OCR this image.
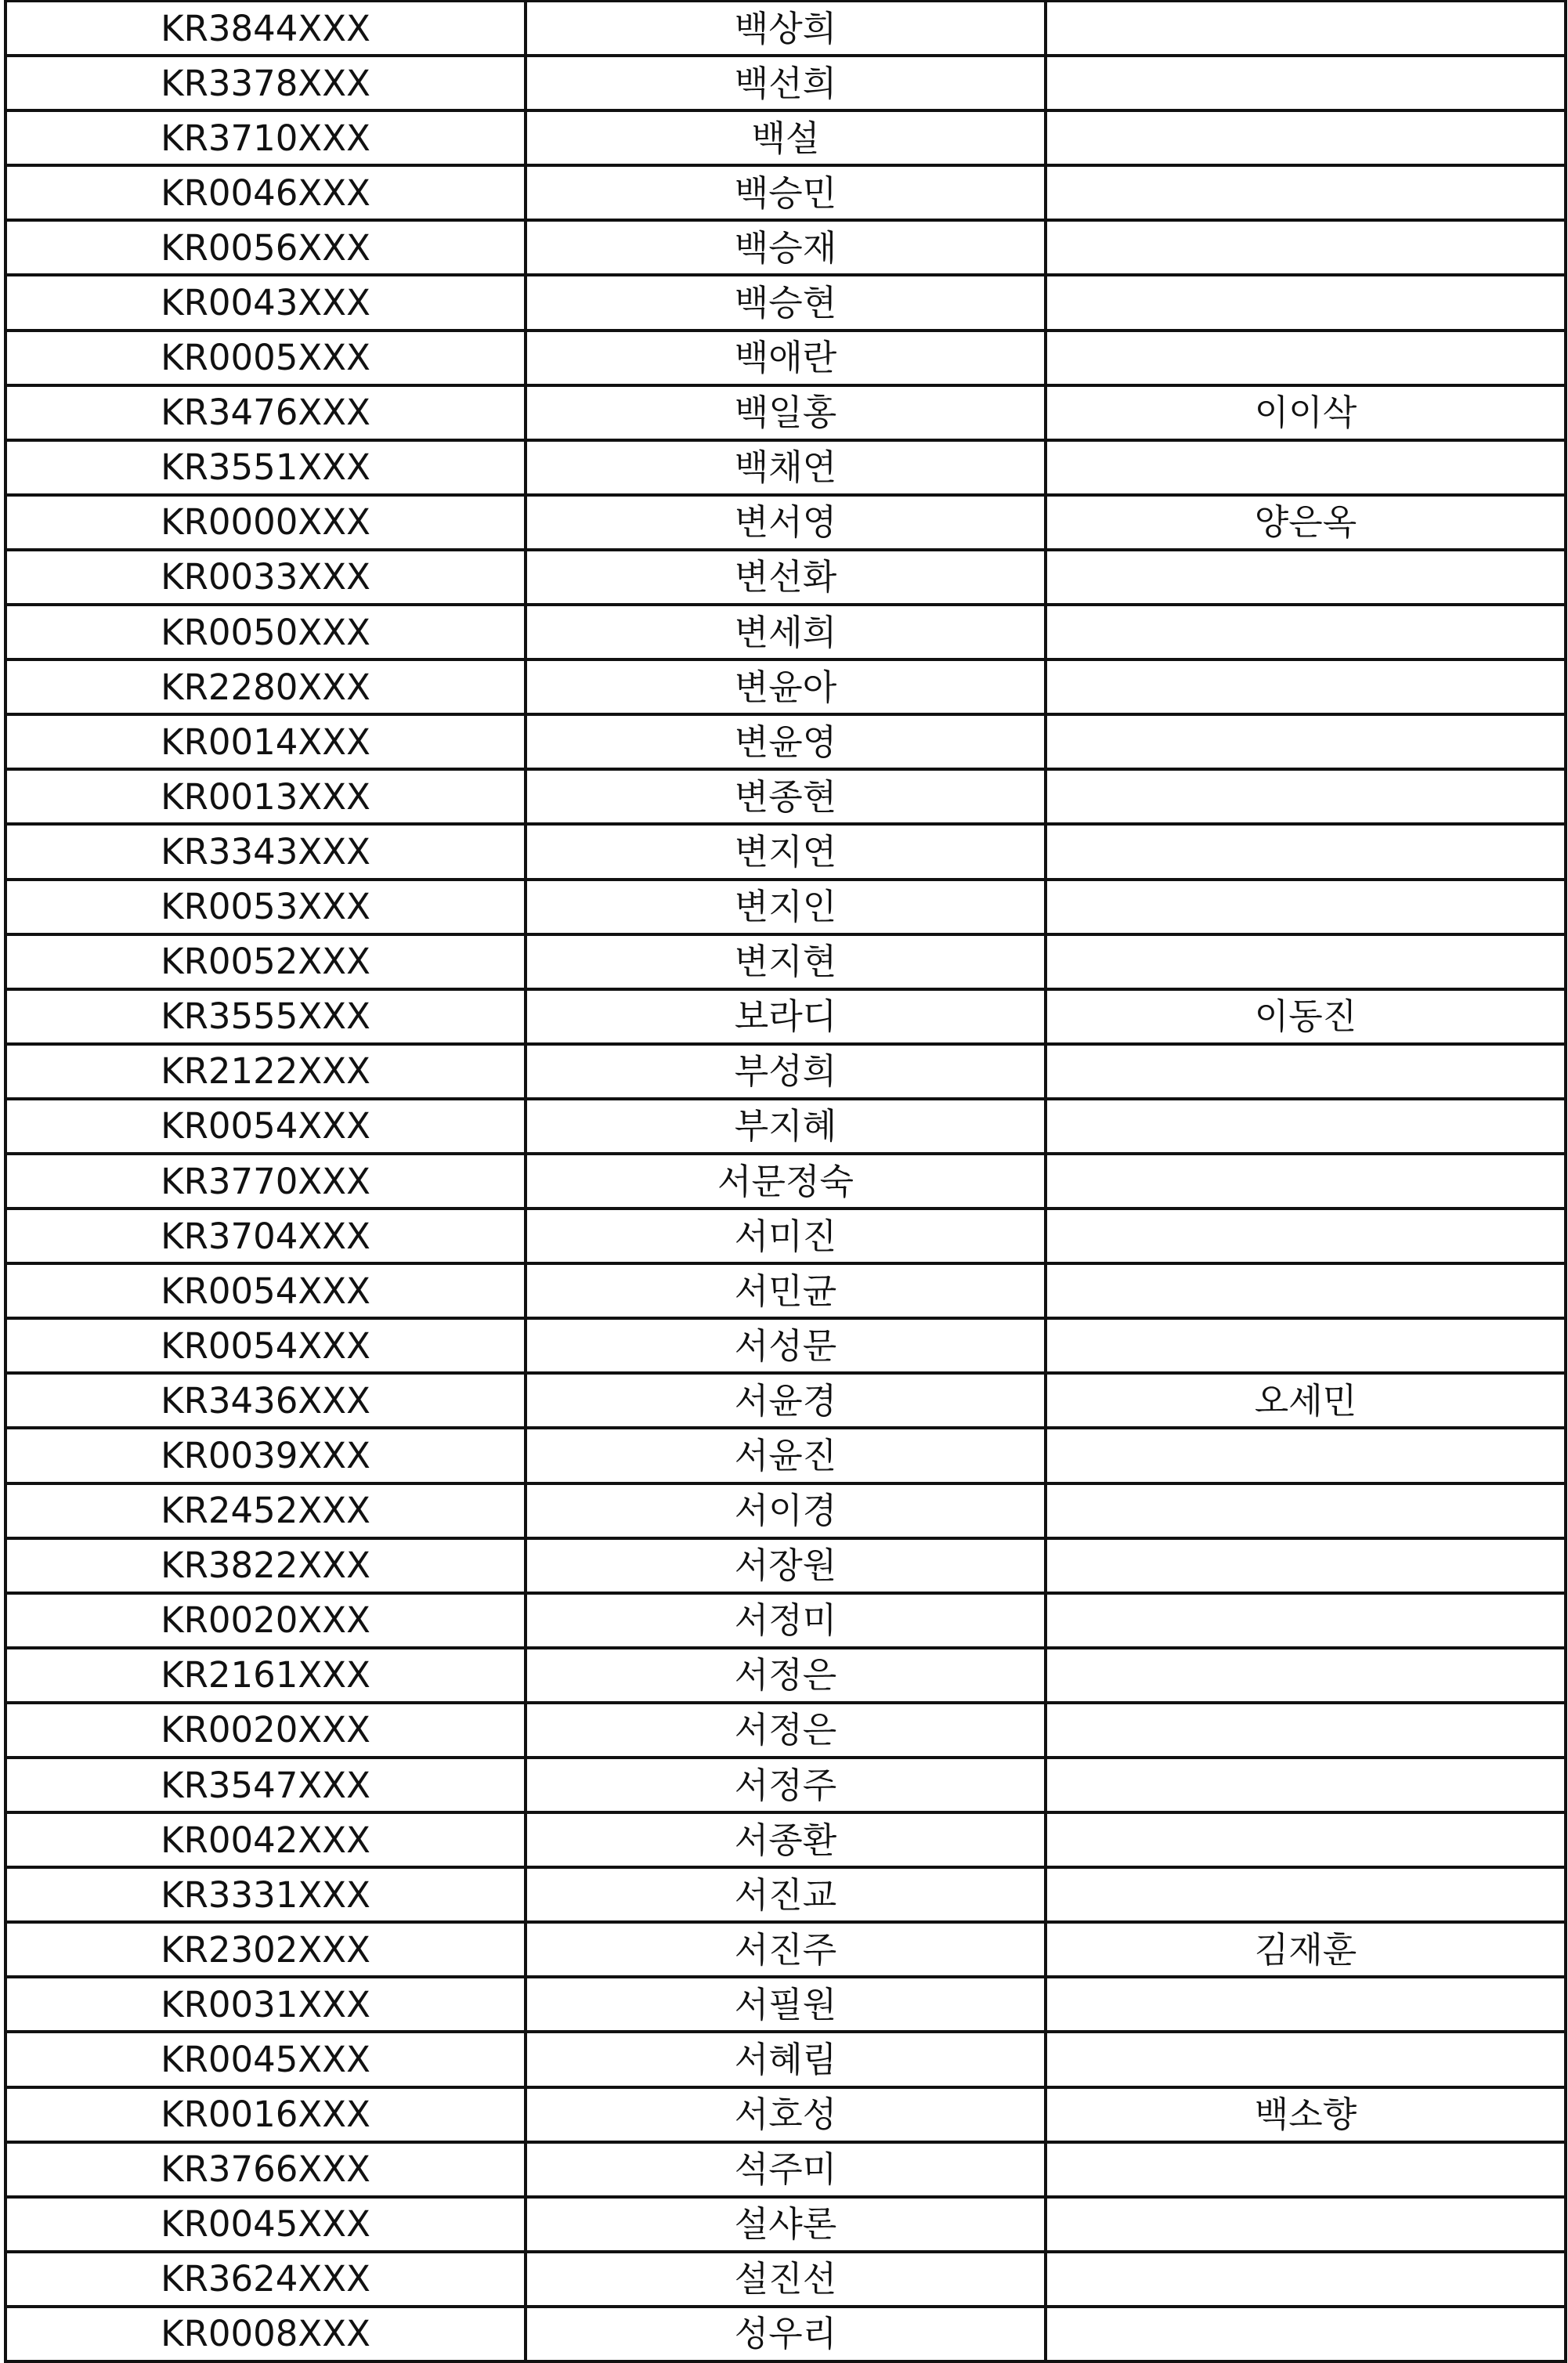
KR3844XXX	백상희	
KR3378XXX	백선희	
KR3710XXX	백설	
KR0046XXX	백승민	
KR0056XXX	백승재	
KR0043XXX	백승현	
KR0005XXX	백애란	
KR3476XXX	백일홍	이이삭
KR3551XXX	백채연	
KR0000XXX	변서영	양은옥
KR0033XXX	변선화	
KR0050XXX	변세희	
KR2280XXX	변윤아	
KR0014XXX	변윤영	
KR0013XXX	변종현	
KR3343XXX	변지연	
KR0053XXX	변지인	
KR0052XXX	변지현	
KR3555XXX	보라디	이동진
KR2122XXX	부성희	
KR0054XXX	부지혜	
KR3770XXX	서문정숙	
KR3704XXX	서미진	
KR0054XXX	서민균	
KR0054XXX	서성문	
KR3436XXX	서윤경	오세민
KR0039XXX	서윤진	
KR2452XXX	서이경	
KR3822XXX	서장원	
KR0020XXX	서정미	
KR2161XXX	서정은	
KR0020XXX	서정은	
KR3547XXX	서정주	
KR0042XXX	서종환	
KR3331XXX	서진교	
KR2302XXX	서진주	김재훈
KR0031XXX	서필원	
KR0045XXX	서혜림	
KR0016XXX	서호성	백소향
KR3766XXX	석주미	
KR0045XXX	설샤론	
KR3624XXX	설진선	
KR0008XXX	성우리	
